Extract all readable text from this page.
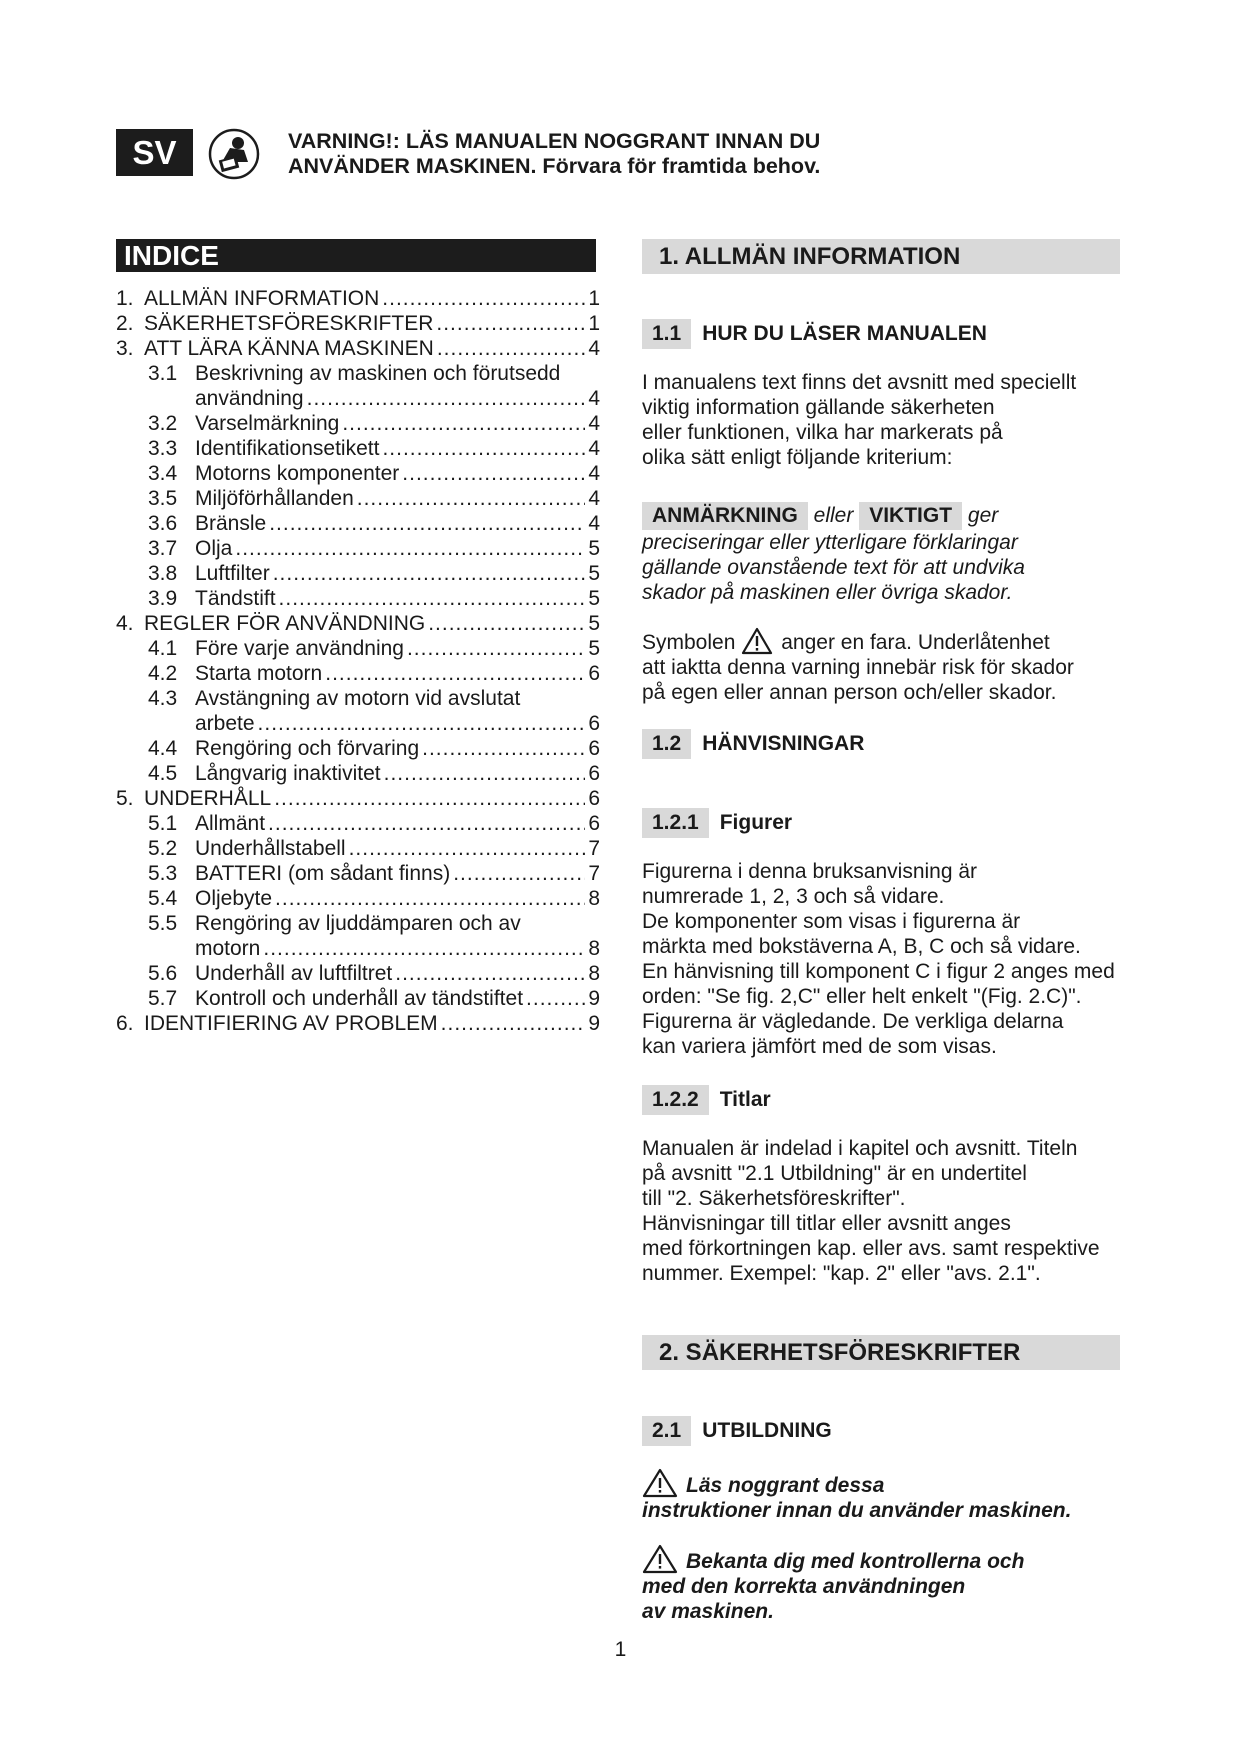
SV	VARNING!: LÄS MANUALEN NOGGRANT INNAN DU
ANVÄNDER MASKINEN. Förvara för framtida behov.
INDICE
1. ALLMÄN INFORMATION .....	1
2. SÄKERHETSFÖRESKRIFTER .....	1
3. ATT LÄRA KÄNNA MASKINEN .....	4
3.1 Beskrivning av maskinen och förutsedd
användning .....	4
3.2 Varselmärkning .....	4
3.3 Identifikationsetikett .....	4
3.4 Motorns komponenter .....	4
3.5 Miljöförhållanden .....	4
3.6 Bränsle .....	4
3.7 Olja .....	5
3.8 Luftfilter .....	5
3.9 Tändstift .....	5
4. REGLER FÖR ANVÄNDNING .....	5
4.1 Före varje användning .....	5
4.2 Starta motorn .....	6
4.3 Avstängning av motorn vid avslutat
arbete .....	6
4.4 Rengöring och förvaring .....	6
4.5 Långvarig inaktivitet .....	6
5. UNDERHÅLL .....	6
5.1 Allmänt .....	6
5.2 Underhållstabell .....	7
5.3 BATTERI (om sådant finns) .....	7
5.4 Oljebyte .....	8
5.5 Rengöring av ljuddämparen och av
motorn .....	8
5.6 Underhåll av luftfiltret .....	8
5.7 Kontroll och underhåll av tändstiftet .....	9
6. IDENTIFIERING AV PROBLEM .....	9
1. ALLMÄN INFORMATION
1.1	HUR DU LÄSER MANUALEN

I manualens text finns det avsnitt med speciellt

viktig information gällande säkerheten

eller funktionen, vilka har markerats på

olika sätt enligt följande kriterium:

ANMÄRKNING eller VIKTIGT ger

preciseringar eller ytterligare förklaringar

gällande ovanstående text för att undvika

skador på maskinen eller övriga skador.

Symbolen anger en fara. Underlåtenhet

att iaktta denna varning innebär risk för skador

på egen eller annan person och/eller skador.

1.2	HÄNVISNINGAR
1.2.1	Figurer

Figurerna i denna bruksanvisning är

numrerade 1, 2, 3 och så vidare.

De komponenter som visas i figurerna är

märkta med bokstäverna A, B, C och så vidare.

En hänvisning till komponent C i figur 2 anges med

orden: "Se fig. 2,C" eller helt enkelt "(Fig. 2.C)".

Figurerna är vägledande. De verkliga delarna

kan variera jämfört med de som visas.

1.2.2	Titlar

Manualen är indelad i kapitel och avsnitt. Titeln

på avsnitt "2.1 Utbildning" är en undertitel

till "2. Säkerhetsföreskrifter".

Hänvisningar till titlar eller avsnitt anges

med förkortningen kap. eller avs. samt respektive

nummer. Exempel: "kap. 2" eller "avs. 2.1".

2. SÄKERHETSFÖRESKRIFTER
2.1	UTBILDNING
Läs noggrant dessa
instruktioner innan du använder maskinen.
Bekanta dig med kontrollerna och
med den korrekta användningen
av maskinen.
1
